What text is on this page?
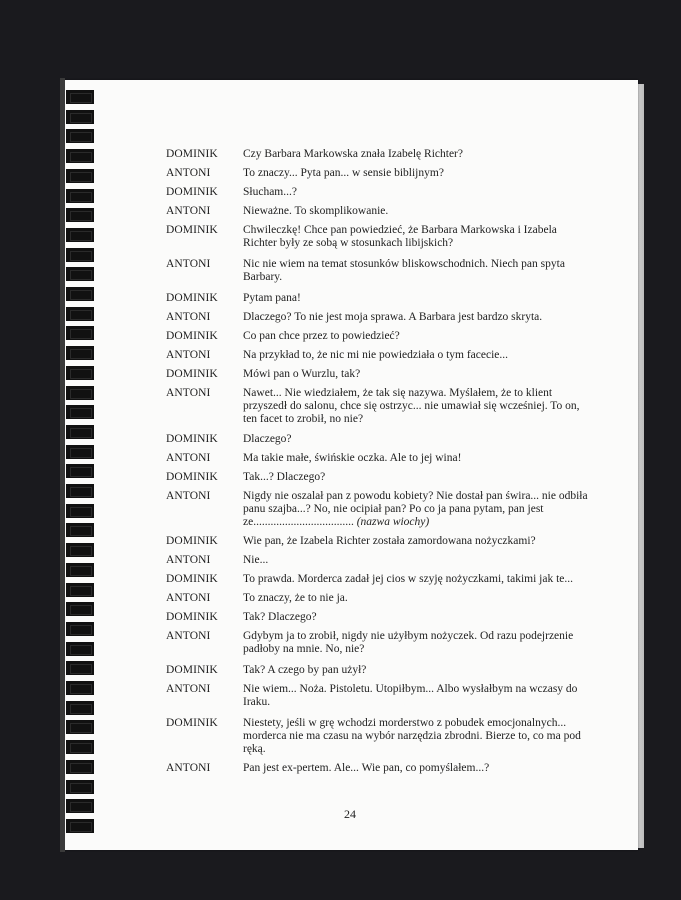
DOMINIK	Czy Barbara Markowska znała Izabelę Richter?
ANTONI	To znaczy... Pyta pan... w sensie biblijnym?
DOMINIK	Słucham...?
ANTONI	Nieważne. To skomplikowanie.
DOMINIK	Chwileczkę! Chce pan powiedzieć, że Barbara Markowska i Izabela Richter były ze sobą w stosunkach libijskich?
ANTONI	Nic nie wiem na temat stosunków bliskowschodnich. Niech pan spyta Barbary.
DOMINIK	Pytam pana!
ANTONI	Dlaczego? To nie jest moja sprawa. A Barbara jest bardzo skryta.
DOMINIK	Co pan chce przez to powiedzieć?
ANTONI	Na przykład to, że nic mi nie powiedziała o tym facecie...
DOMINIK	Mówi pan o Wurzlu, tak?
ANTONI	Nawet... Nie wiedziałem, że tak się nazywa. Myślałem, że to klient przyszedł do salonu, chce się ostrzyc... nie umawiał się wcześniej. To on, ten facet to zrobił, no nie?
DOMINIK	Dlaczego?
ANTONI	Ma takie małe, świńskie oczka. Ale to jej wina!
DOMINIK	Tak...? Dlaczego?
ANTONI	Nigdy nie oszalał pan z powodu kobiety? Nie dostał pan świra... nie odbiła panu szajba...? No, nie ocipiał pan? Po co ja pana pytam, pan jest ze................................... (nazwa wiochy)
DOMINIK	Wie pan, że Izabela Richter została zamordowana nożyczkami?
ANTONI	Nie...
DOMINIK	To prawda. Morderca zadał jej cios w szyję nożyczkami, takimi jak te...
ANTONI	To znaczy, że to nie ja.
DOMINIK	Tak? Dlaczego?
ANTONI	Gdybym ja to zrobił, nigdy nie użyłbym nożyczek. Od razu podejrzenie padłoby na mnie. No, nie?
DOMINIK	Tak? A czego by pan użył?
ANTONI	Nie wiem... Noża. Pistoletu. Utopiłbym... Albo wysłałbym na wczasy do Iraku.
DOMINIK	Niestety, jeśli w grę wchodzi morderstwo z pobudek emocjonalnych... morderca nie ma czasu na wybór narzędzia zbrodni. Bierze to, co ma pod ręką.
ANTONI	Pan jest ex-pertem. Ale... Wie pan, co pomyślałem...?
24
